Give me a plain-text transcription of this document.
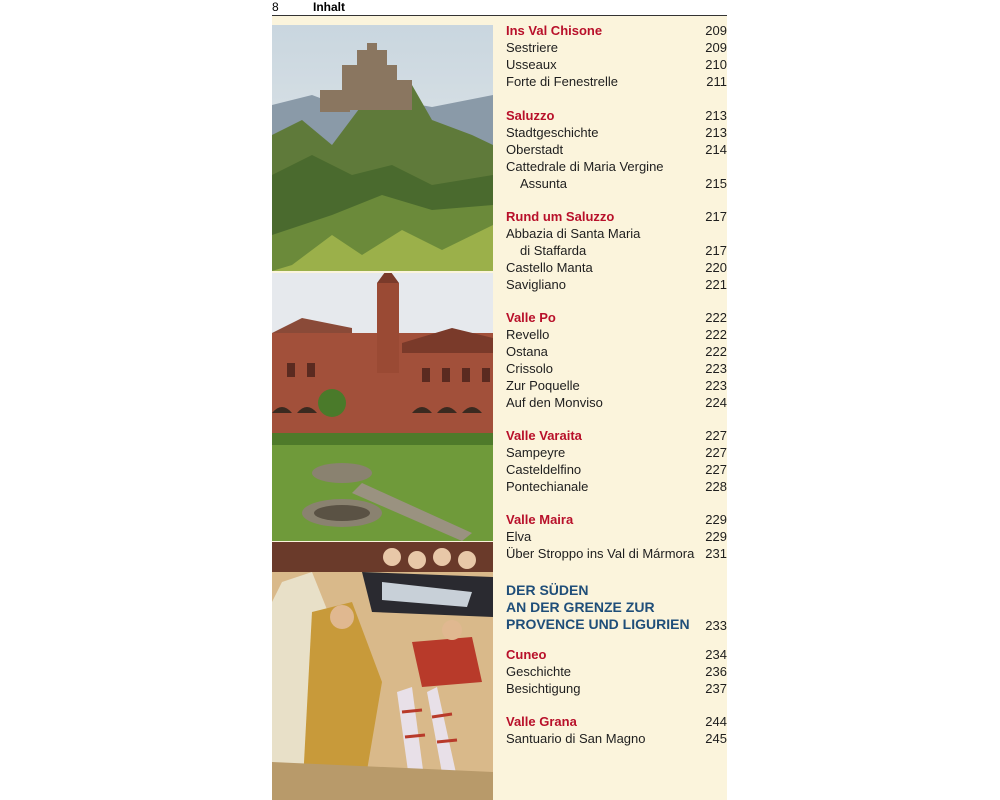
8	Inhalt
Ins Val Chisone	209
Sestriere	209
Usseaux	210
Forte di Fenestrelle	211
Saluzzo	213
Stadtgeschichte	213
Oberstadt	214
Cattedrale di Maria Vergine
Assunta	215
Rund um Saluzzo	217
Abbazia di Santa Maria
di Staffarda	217
Castello Manta	220
Savigliano	221
Valle Po	222
Revello	222
Ostana	222
Crissolo	223
Zur Poquelle	223
Auf den Monviso	224
Valle Varaita	227
Sampeyre	227
Casteldelfino	227
Pontechianale	228
Valle Maira	229
Elva	229
Über Stroppo ins Val di Mármora 231
DER SÜDEN
AN DER GRENZE ZUR
PROVENCE UND LIGURIEN 233
Cuneo	234
Geschichte	236
Besichtigung	237
Valle Grana	244
Santuario di San Magno	245
